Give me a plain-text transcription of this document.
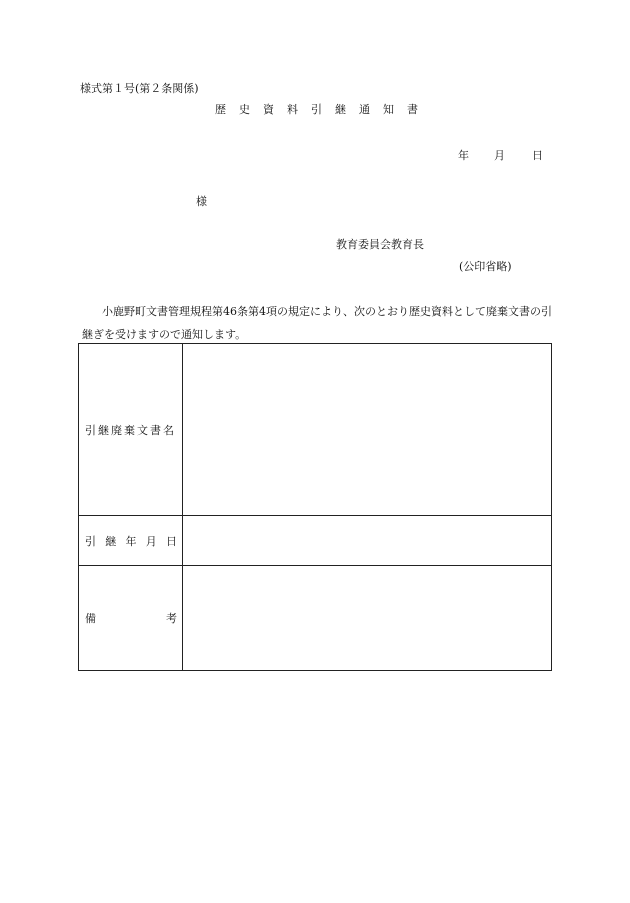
様式第１号(第２条関係)
歴 史 資 料 引 継 通 知 書
年 月 日
様
教育委員会教育長
(公印省略)
小鹿野町文書管理規程第46条第4項の規定により、次のとおり歴史資料として廃棄文書の引継ぎを受けますので通知します。
引継廃棄文書名	

引 継 年 月 日	

備 考	
